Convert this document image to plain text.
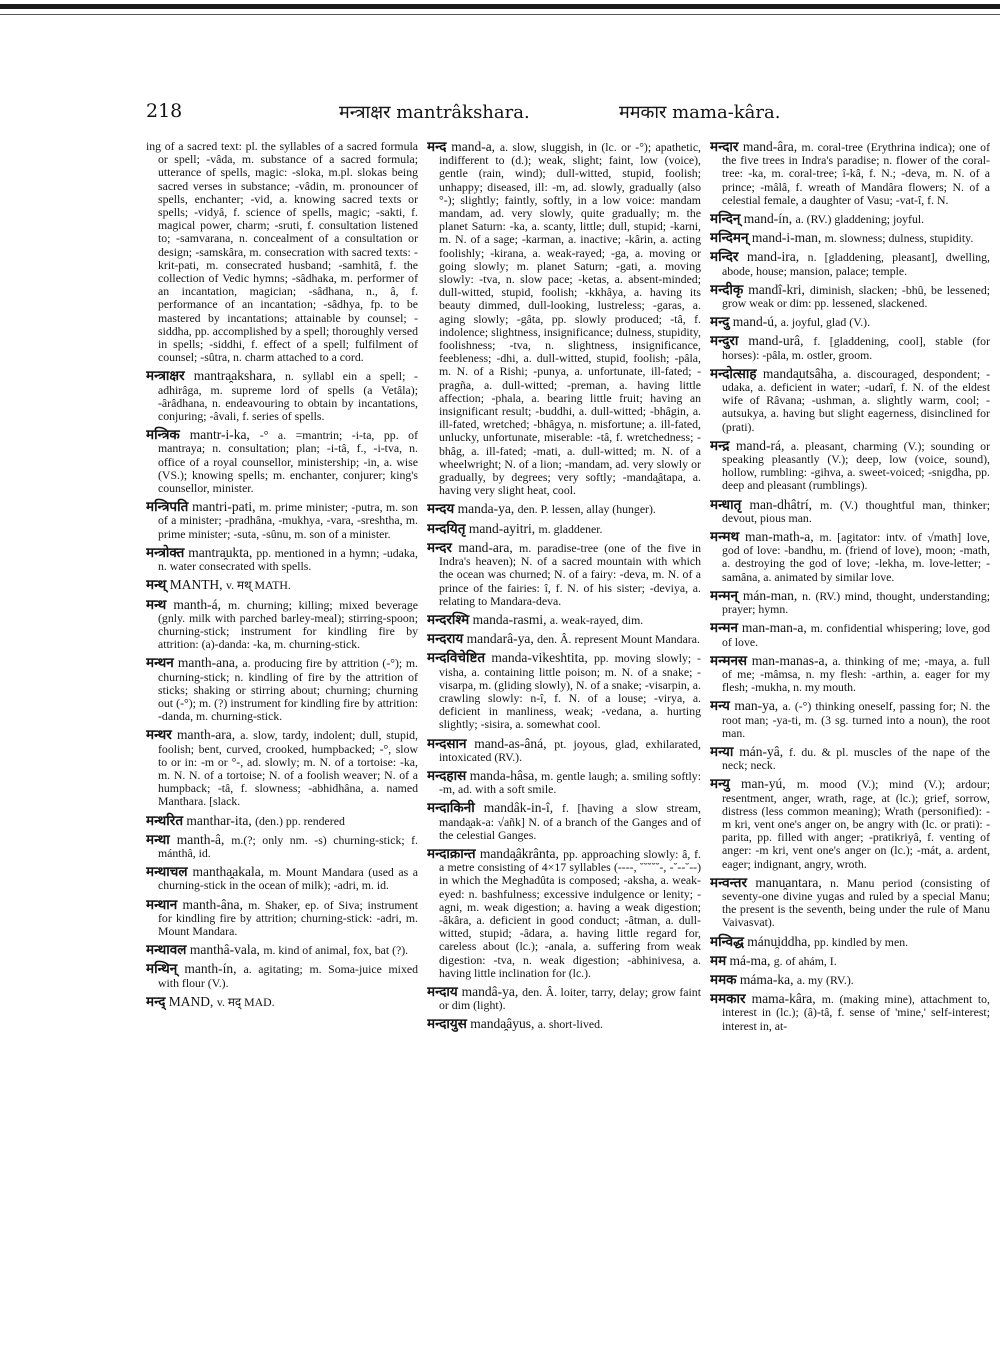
218	मन्त्राक्षर mantrâkshara.	ममकार mama-kâra.
ing of a sacred text: pl. the syllables of a sacred formula or spell; -vâda, m. substance of a sacred formula; utterance of spells, magic: -sloka, m.pl. slokas being sacred verses in substance; -vâdin, m. pronouncer of spells, enchanter; -vid, a. knowing sacred texts or spells; -vidyâ, f. science of spells, magic; -sakti, f. magical power, charm; -sruti, f. consultation listened to; -samvarana, n. concealment of a consultation or design; -samskâra, m. consecration with sacred texts: -krit-pati, m. consecrated husband; -samhitâ, f. the collection of Vedic hymns; -sâdhaka, m. performer of an incantation, magician; -sâdhana, n., â, f. performance of an incantation; -sâdhya, fp. to be mastered by incantations; attainable by counsel; -siddha, pp. accomplished by a spell; thoroughly versed in spells; -siddhi, f. effect of a spell; fulfilment of counsel; -sûtra, n. charm attached to a cord.
मन्त्राक्षर mantra̯akshara, n. syllabl ein a spell; -adhirâga, m. supreme lord of spells (a Vetâla); -ârâdhana, n. endeavouring to obtain by incantations, conjuring; -âvali, f. series of spells.
मन्त्रिक mantr-i-ka, -° a. =mantrin; -i-ta, pp. of mantraya; n. consultation; plan; -i-tâ, f., -i-tva, n. office of a royal counsellor, ministership; -in, a. wise (VS.); knowing spells; m. enchanter, conjurer; king's counsellor, minister.
मन्त्रिपति mantri-pati, m. prime minister; -putra, m. son of a minister; -pradhâna, -mukhya, -vara, -sreshtha, m. prime minister; -suta, -sûnu, m. son of a minister.
मन्त्रोक्त mantra̯ukta, pp. mentioned in a hymn; -udaka, n. water consecrated with spells.
मन्थ् MANTH, v. मथ् MATH.
मन्थ manth-á, m. churning; killing; mixed beverage (gnly. milk with parched barley-meal); stirring-spoon; churning-stick; instrument for kindling fire by attrition: (a)-danda: -ka, m. churning-stick.
मन्थन manth-ana, a. producing fire by attrition (-°); m. churning-stick; n. kindling of fire by the attrition of sticks; shaking or stirring about; churning; churning out (-°); m. (?) instrument for kindling fire by attrition: -danda, m. churning-stick.
मन्थर manth-ara, a. slow, tardy, indolent; dull, stupid, foolish; bent, curved, crooked, humpbacked; -°, slow to or in: -m or °-, ad. slowly; m. N. of a tortoise: -ka, m. N. N. of a tortoise; N. of a foolish weaver; N. of a humpback; -tâ, f. slowness; -abhidhâna, a. named Manthara. [slack.
मन्थरित manthar-ita, (den.) pp. rendered
मन्था manth-â, m.(?; only nm. -s) churning-stick; f. mánthâ, id.
मन्थाचल mantha̯akala, m. Mount Mandara (used as a churning-stick in the ocean of milk); -adri, m. id.
मन्थान manth-âna, m. Shaker, ep. of Siva; instrument for kindling fire by attrition; churning-stick: -adri, m. Mount Mandara.
मन्थावल manthâ-vala, m. kind of animal, fox, bat (?).
मन्थिन् manth-ín, a. agitating; m. Soma-juice mixed with flour (V.).
मन्द् MAND, v. मद् MAD.
मन्द mand-a, a. slow, sluggish, in (lc. or -°); apathetic, indifferent to (d.); weak, slight; faint, low (voice), gentle (rain, wind); dull-witted, stupid, foolish; unhappy; diseased, ill: -m, ad. slowly, gradually (also °-); slightly; faintly, softly, in a low voice: mandam mandam, ad. very slowly, quite gradually; m. the planet Saturn: -ka, a. scanty, little; dull, stupid; -karni, m. N. of a sage; -karman, a. inactive; -kârin, a. acting foolishly; -kirana, a. weak-rayed; -ga, a. moving or going slowly; m. planet Saturn; -gati, a. moving slowly: -tva, n. slow pace; -ketas, a. absent-minded; dull-witted, stupid, foolish; -kkhâya, a. having its beauty dimmed, dull-looking, lustreless; -garas, a. aging slowly; -gâta, pp. slowly produced; -tâ, f. indolence; slightness, insignificance; dulness, stupidity, foolishness; -tva, n. slightness, insignificance, feebleness; -dhi, a. dull-witted, stupid, foolish; -pâla, m. N. of a Rishi; -punya, a. unfortunate, ill-fated; -pragña, a. dull-witted; -preman, a. having little affection; -phala, a. bearing little fruit; having an insignificant result; -buddhi, a. dull-witted; -bhâgin, a. ill-fated, wretched; -bhâgya, n. misfortune; a. ill-fated, unlucky, unfortunate, miserable: -tâ, f. wretchedness; -bhâg, a. ill-fated; -mati, a. dull-witted; m. N. of a wheelwright; N. of a lion; -mandam, ad. very slowly or gradually, by degrees; very softly; -manda̯âtapa, a. having very slight heat, cool.
मन्दय manda-ya, den. P. lessen, allay (hunger).
मन्दयितृ mand-ayitri, m. gladdener.
मन्दर mand-ara, m. paradise-tree (one of the five in Indra's heaven); N. of a sacred mountain with which the ocean was churned; N. of a fairy: -deva, m. N. of a prince of the fairies: î, f. N. of his sister; -deviya, a. relating to Mandara-deva.
मन्दरश्मि manda-rasmi, a. weak-rayed, dim.
मन्दराय mandarâ-ya, den. Â. represent Mount Mandara.
मन्दविचेष्टित manda-vikeshtita, pp. moving slowly; -visha, a. containing little poison; m. N. of a snake; -visarpa, m. (gliding slowly), N. of a snake; -visarpin, a. crawling slowly: n-î, f. N. of a louse; -virya, a. deficient in manliness, weak; -vedana, a. hurting slightly; -sisira, a. somewhat cool.
मन्दसान mand-as-âná, pt. joyous, glad, exhilarated, intoxicated (RV.).
मन्दहास manda-hâsa, m. gentle laugh; a. smiling softly: -m, ad. with a soft smile.
मन्दाकिनी mandâk-in-î, f. [having a slow stream, manda̯ak-a: √añk] N. of a branch of the Ganges and of the celestial Ganges.
मन्दाक्रान्त manda̯âkrânta, pp. approaching slowly: â, f. a metre consisting of 4×17 syllables (----, ˘˘˘˘˘-, -˘--˘--) in which the Meghadûta is composed; -aksha, a. weak-eyed: n. bashfulness; excessive indulgence or lenity; -agni, m. weak digestion; a. having a weak digestion; -âkâra, a. deficient in good conduct; -âtman, a. dull-witted, stupid; -âdara, a. having little regard for, careless about (lc.); -anala, a. suffering from weak digestion: -tva, n. weak digestion; -abhinivesa, a. having little inclination for (lc.).
मन्दाय mandâ-ya, den. Â. loiter, tarry, delay; grow faint or dim (light).
मन्दायुस manda̯âyus, a. short-lived.
मन्दार mand-âra, m. coral-tree (Erythrina indica); one of the five trees in Indra's paradise; n. flower of the coral-tree: -ka, m. coral-tree; î-kâ, f. N.; -deva, m. N. of a prince; -mâlâ, f. wreath of Mandâra flowers; N. of a celestial female, a daughter of Vasu; -vat-î, f. N.
मन्दिन् mand-ín, a. (RV.) gladdening; joyful.
मन्दिमन् mand-i-man, m. slowness; dulness, stupidity.
मन्दिर mand-ira, n. [gladdening, pleasant], dwelling, abode, house; mansion, palace; temple.
मन्दीकृ mandî-kri, diminish, slacken; -bhû, be lessened; grow weak or dim: pp. lessened, slackened.
मन्दु mand-ú, a. joyful, glad (V.).
मन्दुरा mand-urâ, f. [gladdening, cool], stable (for horses): -pâla, m. ostler, groom.
मन्दोत्साह manda̯utsâha, a. discouraged, despondent; -udaka, a. deficient in water; -udarî, f. N. of the eldest wife of Râvana; -ushman, a. slightly warm, cool; -autsukya, a. having but slight eagerness, disinclined for (prati).
मन्द्र mand-rá, a. pleasant, charming (V.); sounding or speaking pleasantly (V.); deep, low (voice, sound), hollow, rumbling: -gihva, a. sweet-voiced; -snigdha, pp. deep and pleasant (rumblings).
मन्धातृ man-dhâtrí, m. (V.) thoughtful man, thinker; devout, pious man.
मन्मथ man-math-a, m. [agitator: intv. of √math] love, god of love: -bandhu, m. (friend of love), moon; -math, a. destroying the god of love; -lekha, m. love-letter; -samâna, a. animated by similar love.
मन्मन् mán-man, n. (RV.) mind, thought, understanding; prayer; hymn.
मन्मन man-man-a, m. confidential whispering; love, god of love.
मन्मनस man-manas-a, a. thinking of me; -maya, a. full of me; -mâmsa, n. my flesh: -arthin, a. eager for my flesh; -mukha, n. my mouth.
मन्य man-ya, a. (-°) thinking oneself, passing for; N. the root man; -ya-ti, m. (3 sg. turned into a noun), the root man.
मन्या mán-yâ, f. du. & pl. muscles of the nape of the neck; neck.
मन्यु man-yú, m. mood (V.); mind (V.); ardour; resentment, anger, wrath, rage, at (lc.); grief, sorrow, distress (less common meaning); Wrath (personified): -m kri, vent one's anger on, be angry with (lc. or prati): -parita, pp. filled with anger; -pratikriyâ, f. venting of anger: -m kri, vent one's anger on (lc.); -mát, a. ardent, eager; indignant, angry, wroth.
मन्वन्तर manu̯antara, n. Manu period (consisting of seventy-one divine yugas and ruled by a special Manu; the present is the seventh, being under the rule of Manu Vaivasvat).
मन्विद्ध mánu̯iddha, pp. kindled by men.
मम má-ma, g. of ahám, I.
ममक máma-ka, a. my (RV.).
ममकार mama-kâra, m. (making mine), attachment to, interest in (lc.); (â)-tâ, f. sense of 'mine,' self-interest; interest in, at-
